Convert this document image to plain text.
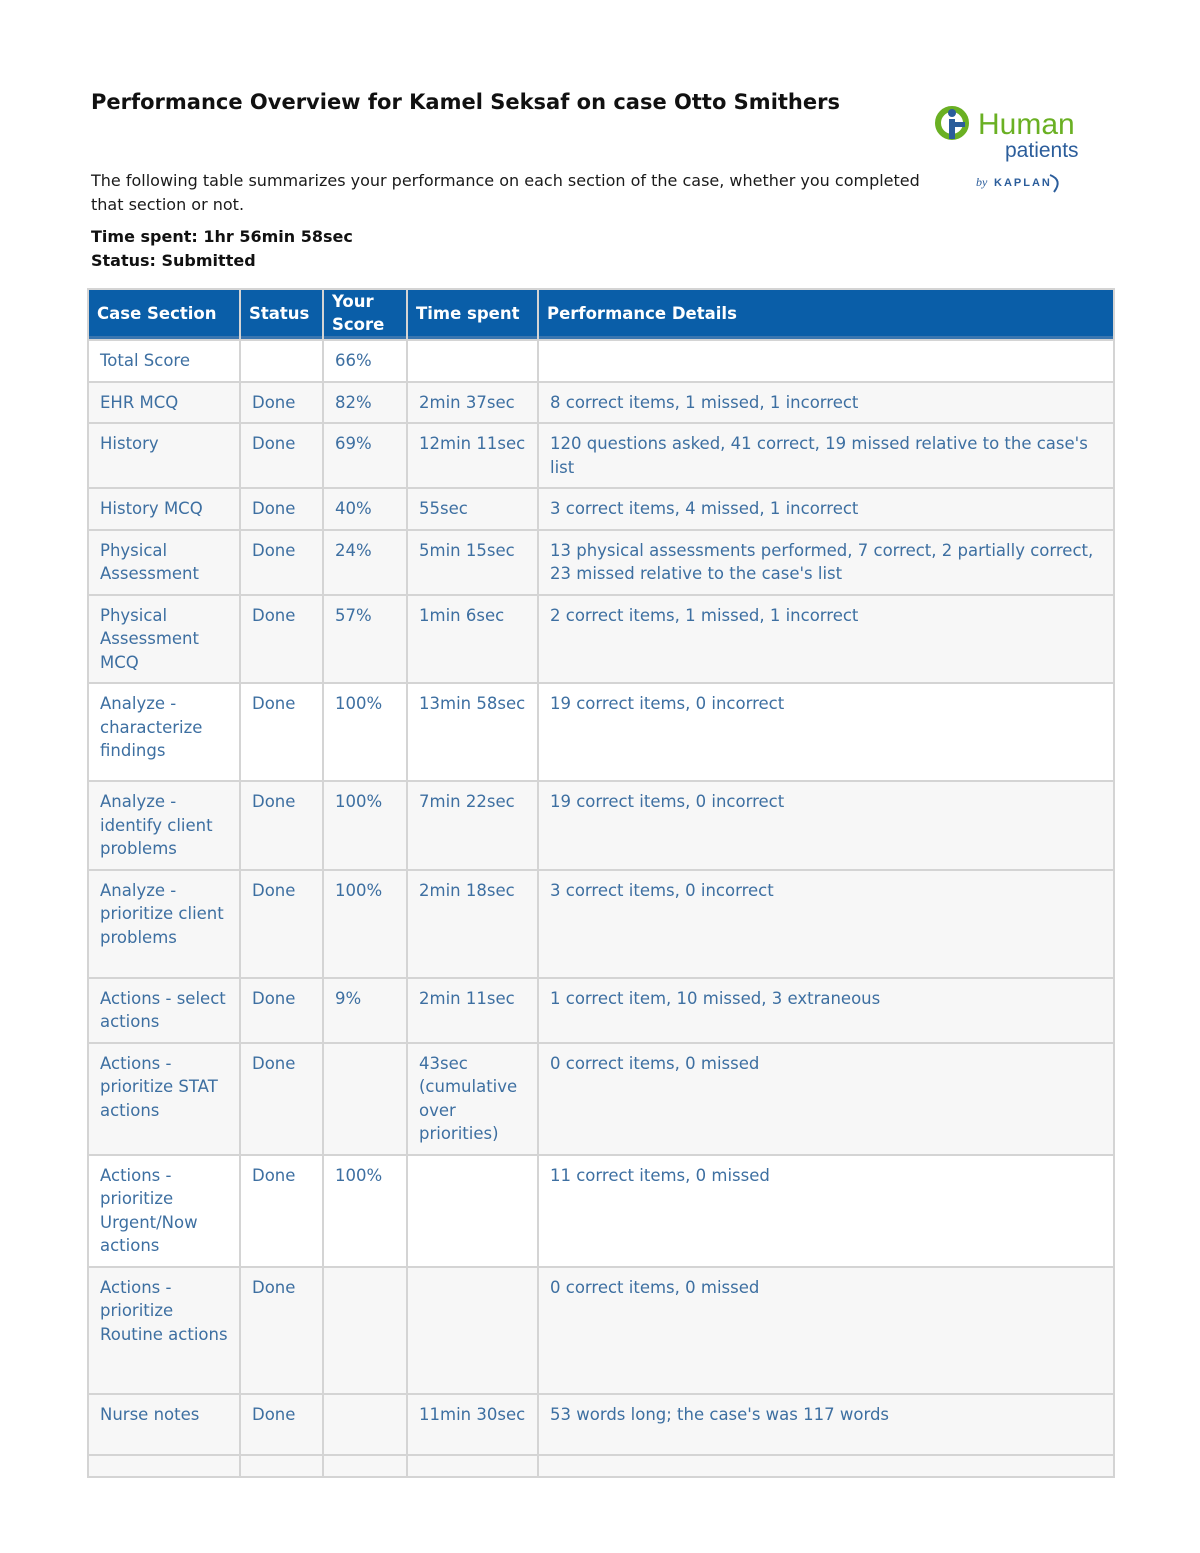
Performance Overview for Kamel Seksaf on case Otto Smithers
Human
patients
by KAPLAN

The following table summarizes your performance on each section of the case, whether you completed that section or not.

Time spent: 1hr 56min 58sec
Status: Submitted
Case Section	Status	Your Score	Time spent	Performance Details
Total Score		66%		
EHR MCQ	Done	82%	2min 37sec	8 correct items, 1 missed, 1 incorrect
History	Done	69%	12min 11sec	120 questions asked, 41 correct, 19 missed relative to the case's list
History MCQ	Done	40%	55sec	3 correct items, 4 missed, 1 incorrect
Physical Assessment	Done	24%	5min 15sec	13 physical assessments performed, 7 correct, 2 partially correct, 23 missed relative to the case's list
Physical Assessment MCQ	Done	57%	1min 6sec	2 correct items, 1 missed, 1 incorrect
Analyze - characterize findings	Done	100%	13min 58sec	19 correct items, 0 incorrect
Analyze - identify client problems	Done	100%	7min 22sec	19 correct items, 0 incorrect
Analyze - prioritize client problems	Done	100%	2min 18sec	3 correct items, 0 incorrect
Actions - select actions	Done	9%	2min 11sec	1 correct item, 10 missed, 3 extraneous
Actions - prioritize STAT actions	Done		43sec (cumulative over priorities)	0 correct items, 0 missed
Actions - prioritize Urgent/Now actions	Done	100%		11 correct items, 0 missed
Actions - prioritize Routine actions	Done			0 correct items, 0 missed
Nurse notes	Done		11min 30sec	53 words long; the case's was 117 words
